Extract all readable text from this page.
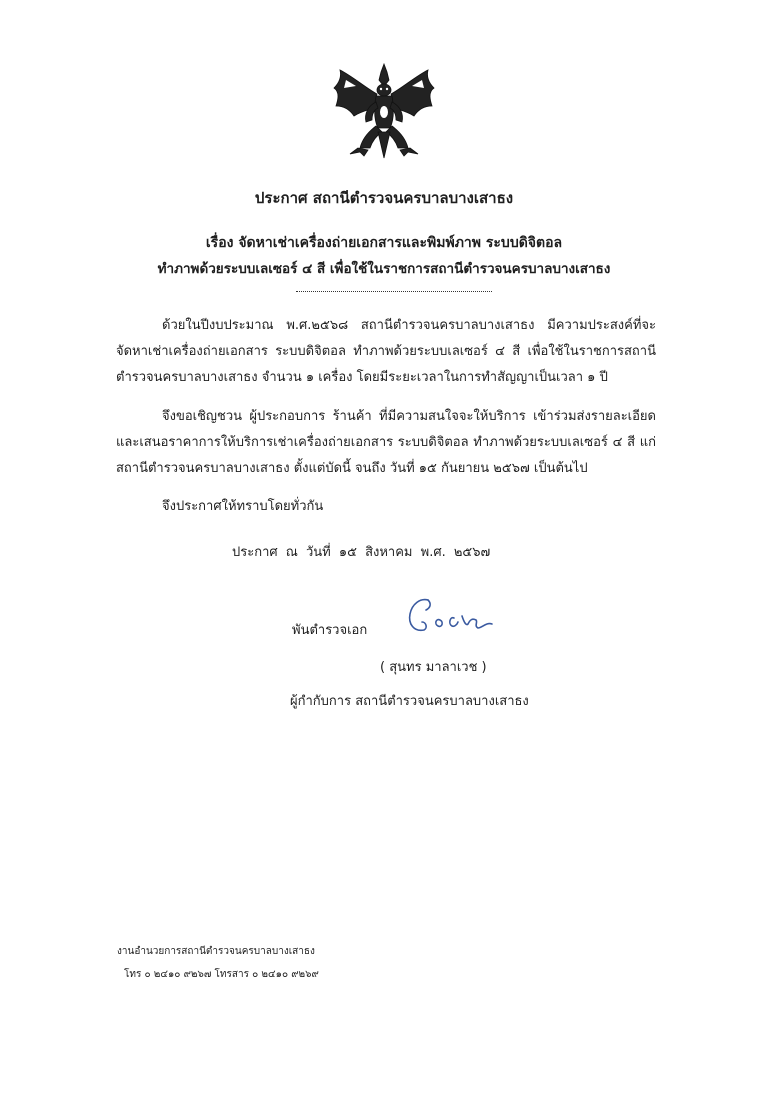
ประกาศ สถานีตำรวจนครบาลบางเสาธง
เรื่อง จัดหาเช่าเครื่องถ่ายเอกสารและพิมพ์ภาพ ระบบดิจิตอล
ทำภาพด้วยระบบเลเซอร์ ๔ สี เพื่อใช้ในราชการสถานีตำรวจนครบาลบางเสาธง

ด้วยในปีงบประมาณ พ.ศ.๒๕๖๘ สถานีตำรวจนครบาลบางเสาธง มีความประสงค์ที่จะจัดหาเช่าเครื่องถ่ายเอกสาร ระบบดิจิตอล ทำภาพด้วยระบบเลเซอร์ ๔ สี เพื่อใช้ในราชการสถานีตำรวจนครบาลบางเสาธง จำนวน ๑ เครื่อง โดยมีระยะเวลาในการทำสัญญาเป็นเวลา ๑ ปี

จึงขอเชิญชวน ผู้ประกอบการ ร้านค้า ที่มีความสนใจจะให้บริการ เข้าร่วมส่งรายละเอียด และเสนอราคาการให้บริการเช่าเครื่องถ่ายเอกสาร ระบบดิจิตอล ทำภาพด้วยระบบเลเซอร์ ๔ สี แก่สถานีตำรวจนครบาลบางเสาธง ตั้งแต่บัดนี้ จนถึง วันที่ ๑๕ กันยายน ๒๕๖๗ เป็นต้นไป

จึงประกาศให้ทราบโดยทั่วกัน
ประกาศ ณ วันที่ ๑๕ สิงหาคม พ.ศ. ๒๕๖๗
พันตำรวจเอก
( สุนทร มาลาเวช )
ผู้กำกับการ สถานีตำรวจนครบาลบางเสาธง
งานอำนวยการสถานีตำรวจนครบาลบางเสาธง
โทร ๐ ๒๔๑๐ ๙๒๖๗ โทรสาร ๐ ๒๔๑๐ ๙๒๖๙
